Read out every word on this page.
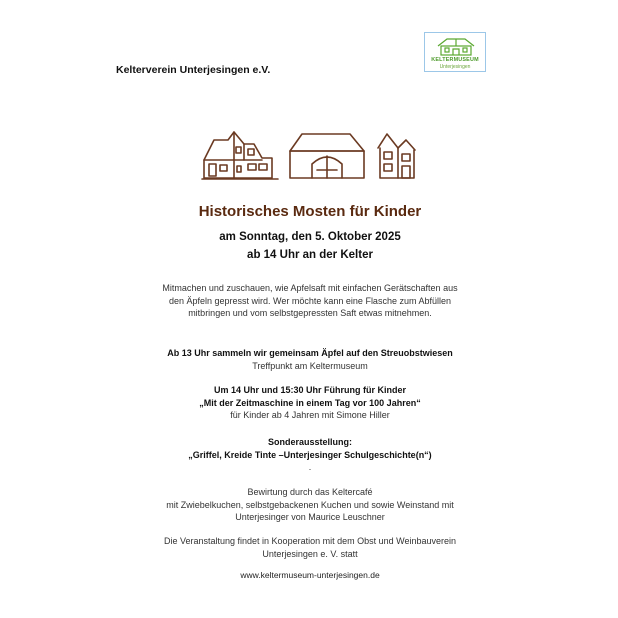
Kelterverein Unterjesingen e.V.
KELTERMUSEUM
Unterjesingen
Historisches Mosten für Kinder
am Sonntag, den 5. Oktober 2025
ab 14 Uhr an der Kelter
Mitmachen und zuschauen, wie Apfelsaft mit einfachen Gerätschaften aus
den Äpfeln gepresst wird. Wer möchte kann eine Flasche zum Abfüllen
mitbringen und vom selbstgepressten Saft etwas mitnehmen.
Ab 13 Uhr sammeln wir gemeinsam Äpfel auf den Streuobstwiesen
Treffpunkt am Keltermuseum
Um 14 Uhr und 15:30 Uhr Führung für Kinder
„Mit der Zeitmaschine in einem Tag vor 100 Jahren“
für Kinder ab 4 Jahren mit Simone Hiller
Sonderausstellung:
„Griffel, Kreide Tinte –Unterjesinger Schulgeschichte(n“)
.
Bewirtung durch das Keltercafé
mit Zwiebelkuchen, selbstgebackenen Kuchen und sowie Weinstand mit
Unterjesinger von Maurice Leuschner
Die Veranstaltung findet in Kooperation mit dem Obst und Weinbauverein
Unterjesingen e. V. statt
www.keltermuseum-unterjesingen.de
